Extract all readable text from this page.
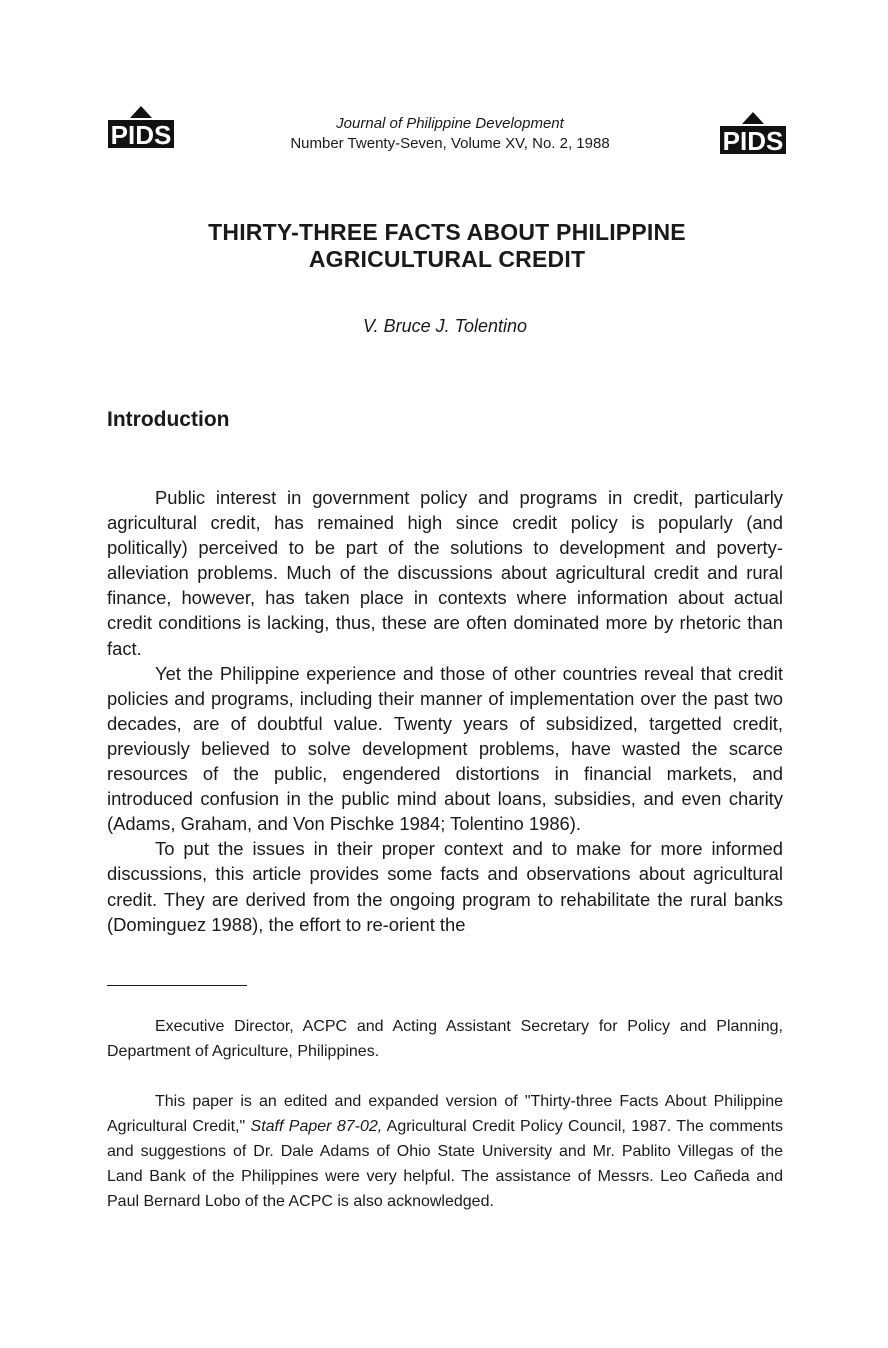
PIDS	Journal of Philippine Development
Number Twenty-Seven, Volume XV, No. 2, 1988	PIDS
THIRTY-THREE FACTS ABOUT PHILIPPINE
AGRICULTURAL CREDIT
V. Bruce J. Tolentino
Introduction

Public interest in government policy and programs in credit, particularly agricultural credit, has remained high since credit policy is popularly (and politically) perceived to be part of the solutions to development and poverty-alleviation problems. Much of the discussions about agricultural credit and rural finance, however, has taken place in contexts where information about actual credit conditions is lacking, thus, these are often dominated more by rhetoric than fact.

Yet the Philippine experience and those of other countries reveal that credit policies and programs, including their manner of implementation over the past two decades, are of doubtful value. Twenty years of subsidized, targetted credit, previously believed to solve development problems, have wasted the scarce resources of the public, engendered distortions in financial markets, and introduced confusion in the public mind about loans, subsidies, and even charity (Adams, Graham, and Von Pischke 1984; Tolentino 1986).

To put the issues in their proper context and to make for more informed discussions, this article provides some facts and observations about agricultural credit. They are derived from the ongoing program to rehabilitate the rural banks (Dominguez 1988), the effort to re-orient the

Executive Director, ACPC and Acting Assistant Secretary for Policy and Planning, Department of Agriculture, Philippines.

This paper is an edited and expanded version of "Thirty-three Facts About Philippine Agricultural Credit," Staff Paper 87-02, Agricultural Credit Policy Council, 1987. The comments and suggestions of Dr. Dale Adams of Ohio State University and Mr. Pablito Villegas of the Land Bank of the Philippines were very helpful. The assistance of Messrs. Leo Cañeda and Paul Bernard Lobo of the ACPC is also acknowledged.
